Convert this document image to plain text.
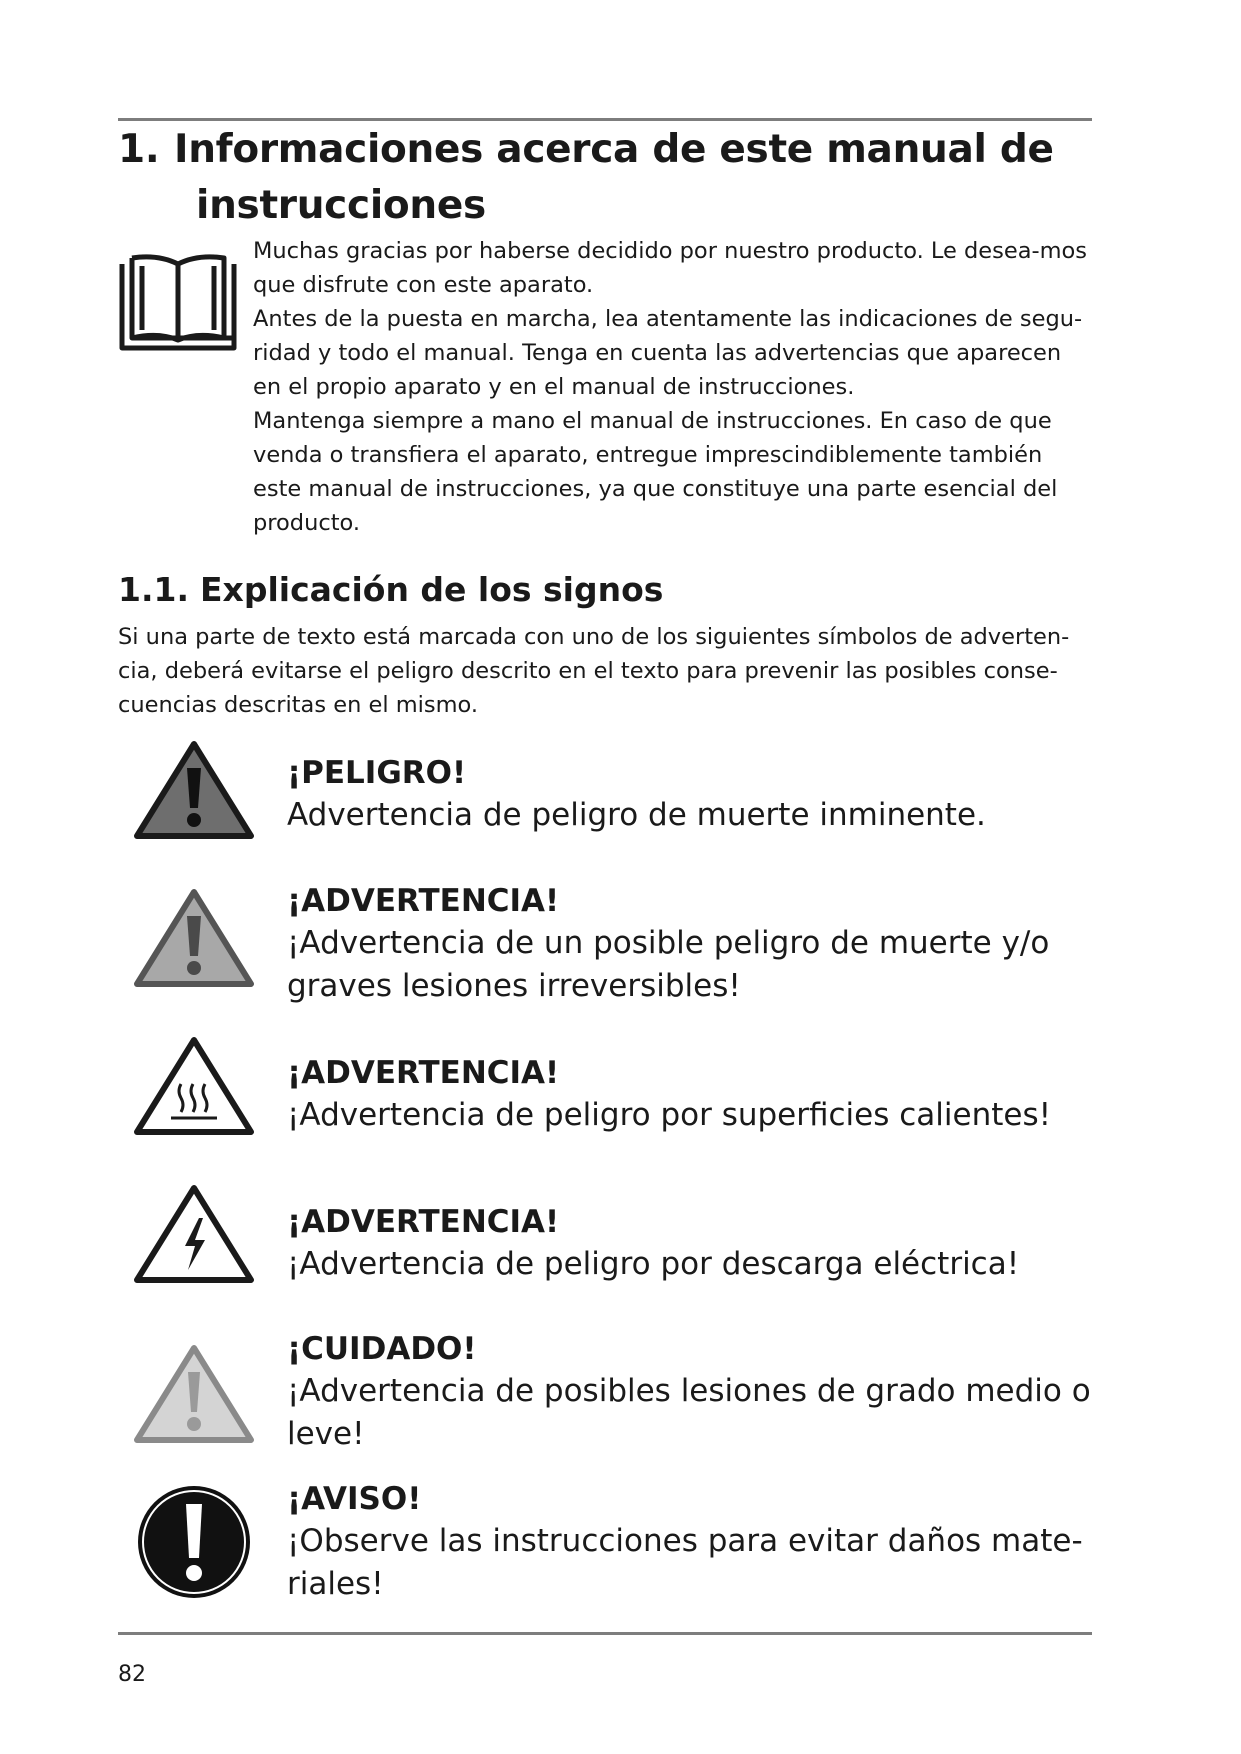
1. Informaciones acerca de este manual de
instrucciones

Muchas gracias por haberse decidido por nuestro producto. Le desea-mos que disfrute con este aparato.

Antes de la puesta en marcha, lea atentamente las indicaciones de segu-ridad y todo el manual. Tenga en cuenta las advertencias que aparecen en el propio aparato y en el manual de instrucciones.

Mantenga siempre a mano el manual de instrucciones. En caso de que venda o transfiera el aparato, entregue imprescindiblemente también este manual de instrucciones, ya que constituye una parte esencial del producto.

1.1. Explicación de los signos

Si una parte de texto está marcada con uno de los siguientes símbolos de adverten-cia, deberá evitarse el peligro descrito en el texto para prevenir las posibles conse-cuencias descritas en el mismo.

¡PELIGRO!
Advertencia de peligro de muerte inminente.
¡ADVERTENCIA!
¡Advertencia de un posible peligro de muerte y/o graves lesiones irreversibles!
¡ADVERTENCIA!
¡Advertencia de peligro por superficies calientes!
¡ADVERTENCIA!
¡Advertencia de peligro por descarga eléctrica!
¡CUIDADO!
¡Advertencia de posibles lesiones de grado medio o leve!
¡AVISO!
¡Observe las instrucciones para evitar daños mate-riales!
82
